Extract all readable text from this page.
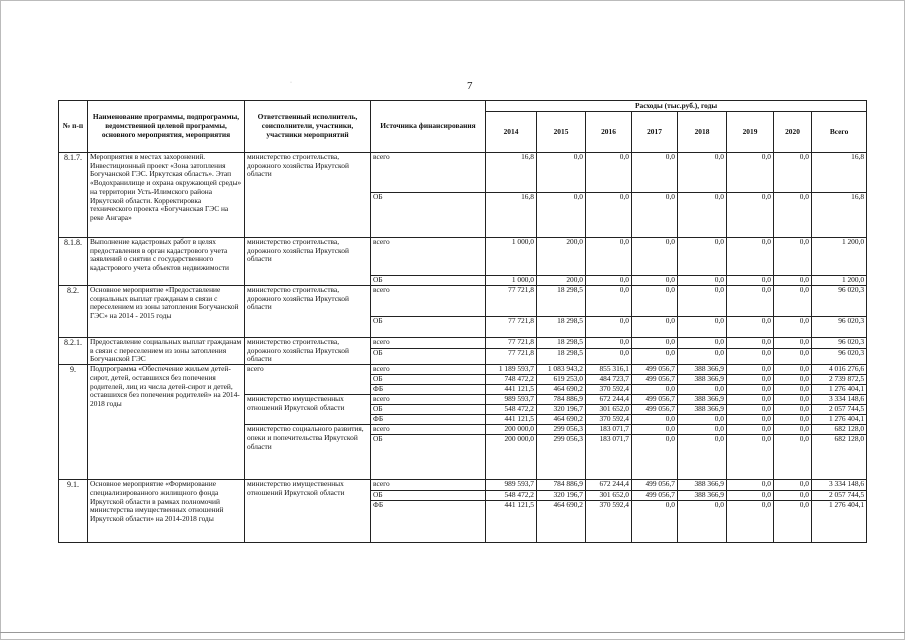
·	7
№ п-п	Наименование программы, подпрограммы, ведомственной целевой программы, основного мероприятия, мероприятия	Ответственный исполнитель, соисполнители, участники, участники мероприятий	Источника финансирования	Расходы (тыс.руб.), годы							
				2014	2015	2016	2017	2018	2019	2020	Всего
8.1.7.	Мероприятия в местах захоронений. Инвестиционный проект «Зона затопления Богучанской ГЭС. Иркутская область». Этап «Водохранилище и охрана окружающей среды» на территории Усть-Илимского района Иркутской области. Корректировка технического проекта «Богучанская ГЭС на реке Ангара»	министерство строительства, дорожного хозяйства Иркутской области	всего	16,8	0,0	0,0	0,0	0,0	0,0	0,0	16,8
			ОБ	16,8	0,0	0,0	0,0	0,0	0,0	0,0	16,8
8.1.8.	Выполнение кадастровых работ в целях предоставления в орган кадастрового учета заявлений о снятии с государственного кадастрового учета объектов недвижимости	министерство строительства, дорожного хозяйства Иркутской области	всего	1 000,0	200,0	0,0	0,0	0,0	0,0	0,0	1 200,0
			ОБ	1 000,0	200,0	0,0	0,0	0,0	0,0	0,0	1 200,0
8.2.	Основное мероприятие «Предоставление социальных выплат гражданам в связи с переселением из зоны затопления Богучанской ГЭС» на 2014 - 2015 годы	министерство строительства, дорожного хозяйства Иркутской области	всего	77 721,8	18 298,5	0,0	0,0	0,0	0,0	0,0	96 020,3
			ОБ	77 721,8	18 298,5	0,0	0,0	0,0	0,0	0,0	96 020,3
8.2.1.	Предоставление социальных выплат гражданам в связи с переселением из зоны затопления Богучанской ГЭС	министерство строительства, дорожного хозяйства Иркутской области	всего	77 721,8	18 298,5	0,0	0,0	0,0	0,0	0,0	96 020,3
			ОБ	77 721,8	18 298,5	0,0	0,0	0,0	0,0	0,0	96 020,3
9.	Подпрограмма «Обеспечение жильем детей-сирот, детей, оставшихся без попечения родителей, лиц из числа детей-сирот и детей, оставшихся без попечения родителей» на 2014-2018 годы	всего	всего	1 189 593,7	1 083 943,2	855 316,1	499 056,7	388 366,9	0,0	0,0	4 016 276,6
			ОБ	748 472,2	619 253,0	484 723,7	499 056,7	388 366,9	0,0	0,0	2 739 872,5
			ФБ	441 121,5	464 690,2	370 592,4	0,0	0,0	0,0	0,0	1 276 404,1
		министерство имущественных отношений Иркутской области	всего	989 593,7	784 886,9	672 244,4	499 056,7	388 366,9	0,0	0,0	3 334 148,6
			ОБ	548 472,2	320 196,7	301 652,0	499 056,7	388 366,9	0,0	0,0	2 057 744,5
			ФБ	441 121,5	464 690,2	370 592,4	0,0	0,0	0,0	0,0	1 276 404,1
		министерство социального развития, опеки и попечительства Иркутской области	всего	200 000,0	299 056,3	183 071,7	0,0	0,0	0,0	0,0	682 128,0
			ОБ	200 000,0	299 056,3	183 071,7	0,0	0,0	0,0	0,0	682 128,0
9.1.	Основное мероприятие «Формирование специализированного жилищного фонда Иркутской области в рамках полномочий министерства имущественных отношений Иркутской области» на 2014-2018 годы	министерство имущественных отношений Иркутской области	всего	989 593,7	784 886,9	672 244,4	499 056,7	388 366,9	0,0	0,0	3 334 148,6
			ОБ	548 472,2	320 196,7	301 652,0	499 056,7	388 366,9	0,0	0,0	2 057 744,5
			ФБ	441 121,5	464 690,2	370 592,4	0,0	0,0	0,0	0,0	1 276 404,1
